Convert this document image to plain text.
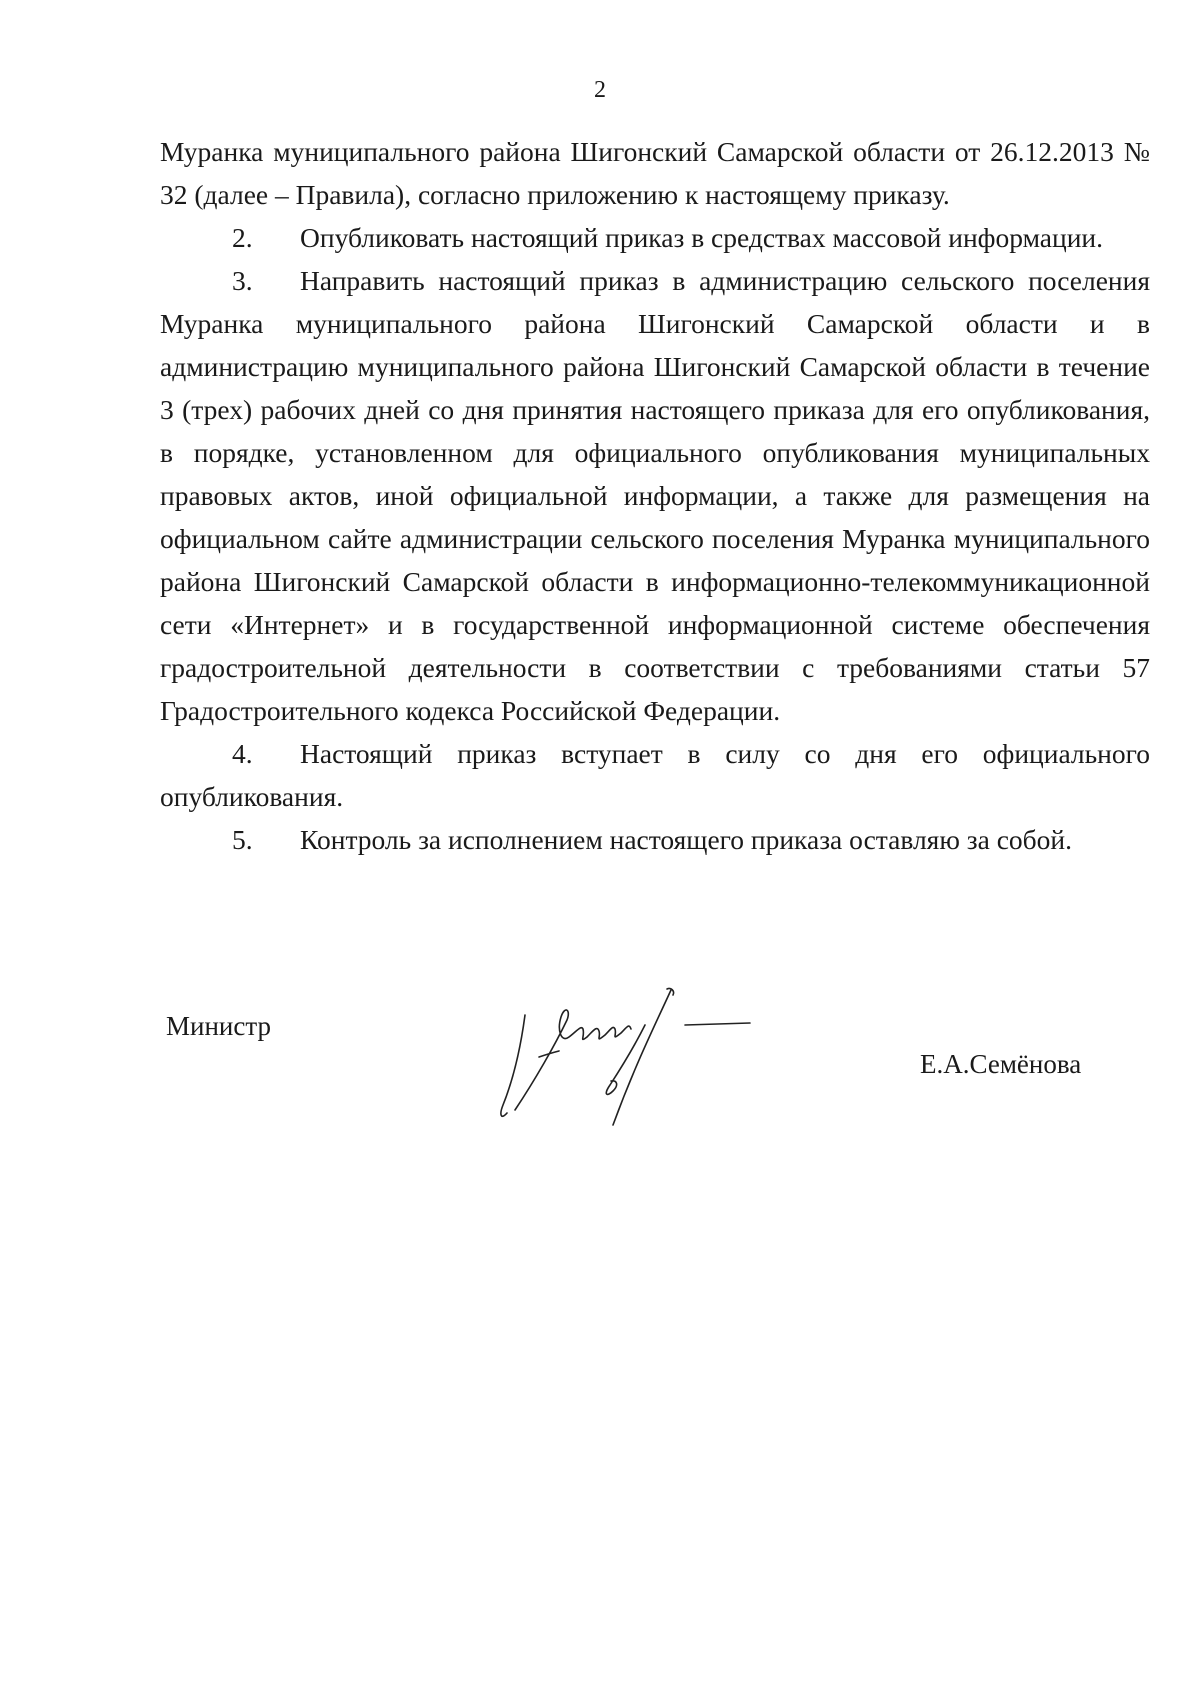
2

Муранка муниципального района Шигонский Самарской области от 26.12.2013 № 32 (далее – Правила), согласно приложению к настоящему приказу.

2. Опубликовать настоящий приказ в средствах массовой информации.

3. Направить настоящий приказ в администрацию сельского поселения Муранка муниципального района Шигонский Самарской области и в администрацию муниципального района Шигонский Самарской области в течение 3 (трех) рабочих дней со дня принятия настоящего приказа для его опубликования, в порядке, установленном для официального опубликования муниципальных правовых актов, иной официальной информации, а также для размещения на официальном сайте администрации сельского поселения Муранка муниципального района Шигонский Самарской области в информационно-телекоммуникационной сети «Интернет» и в государственной информационной системе обеспечения градостроительной деятельности в соответствии с требованиями статьи 57 Градостроительного кодекса Российской Федерации.

4. Настоящий приказ вступает в силу со дня его официального опубликования.

5. Контроль за исполнением настоящего приказа оставляю за собой.

Министр
Е.А.Семёнова
